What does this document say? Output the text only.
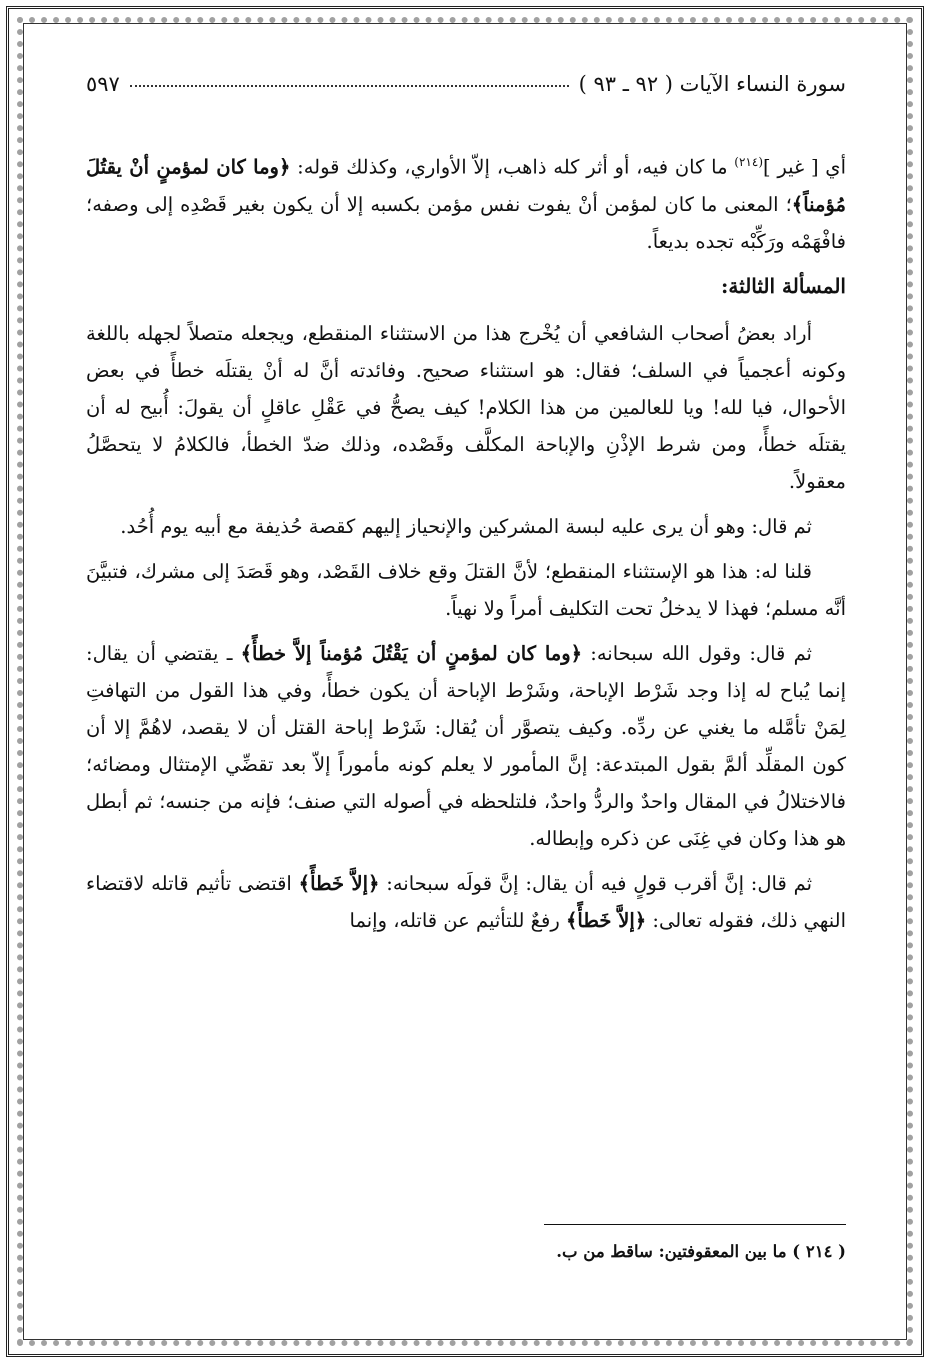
سورة النساء الآيات ( ٩٢ ـ ٩٣ )
٥٩٧

أي [ غير ]$^{(٢١٤)}$ ما كان فيه، أو أثر كله ذاهب، إلاّ الأواري، وكذلك قوله: ﴿وما كان لمؤمنٍ أنْ يقتُلَ مُؤمناً﴾؛ المعنى ما كان لمؤمن أنْ يفوت نفس مؤمن بكسبه إلا أن يكون بغير قَصْدِه إلى وصفه؛ فافْهَمْه ورَكِّبْه تجده بديعاً.

المسألة الثالثة:

أراد بعضُ أصحاب الشافعي أن يُخْرج هذا من الاستثناء المنقطع، ويجعله متصلاً لجهله باللغة وكونه أعجمياً في السلف؛ فقال: هو استثناء صحيح. وفائدته أنَّ له أنْ يقتلَه خطأً في بعض الأحوال، فيا لله! ويا للعالمين من هذا الكلام! كيف يصحُّ في عَقْلِ عاقلٍ أن يقولَ: أُبيح له أن يقتلَه خطأً، ومن شرط الإذْنِ والإباحة المكلَّف وقَصْده، وذلك ضدّ الخطأ، فالكلامُ لا يتحصَّلُ معقولاً.

ثم قال: وهو أن يرى عليه لبسة المشركين والإنحياز إليهم كقصة حُذيفة مع أبيه يوم أُحُد.

قلنا له: هذا هو الإستثناء المنقطع؛ لأنَّ القتلَ وقع خلاف القَصْد، وهو قَصَدَ إلى مشرك، فتبيَّنَ أنَّه مسلم؛ فهذا لا يدخلُ تحت التكليف أمراً ولا نهياً.

ثم قال: وقول الله سبحانه: ﴿وما كان لمؤمنٍ أن يَقْتُلَ مُؤمناً إلاَّ خطأً﴾ ـ يقتضي أن يقال: إنما يُباح له إذا وجد شَرْط الإباحة، وشَرْط الإباحة أن يكون خطأً، وفي هذا القول من التهافتِ لِمَنْ تأمَّله ما يغني عن ردِّه. وكيف يتصوَّر أن يُقال: شَرْط إباحة القتل أن لا يقصد، لاهُمَّ إلا أن كون المقلِّد ألمَّ بقول المبتدعة: إنَّ المأمور لا يعلم كونه مأموراً إلاّ بعد تقضِّي الإمتثال ومضائه؛ فالاختلالُ في المقال واحدٌ والردُّ واحدٌ، فلتلحظه في أصوله التي صنف؛ فإنه من جنسه؛ ثم أبطل هو هذا وكان في غِنَى عن ذكره وإبطاله.

ثم قال: إنَّ أقرب قولٍ فيه أن يقال: إنَّ قولَه سبحانه: ﴿إلاَّ خَطأً﴾ اقتضى تأثيم قاتله لاقتضاء النهي ذلك، فقوله تعالى: ﴿إلاَّ خَطأً﴾ رفعٌ للتأثيم عن قاتله، وإنما

( ٢١٤ ) ما بين المعقوفتين: ساقط من ب.
